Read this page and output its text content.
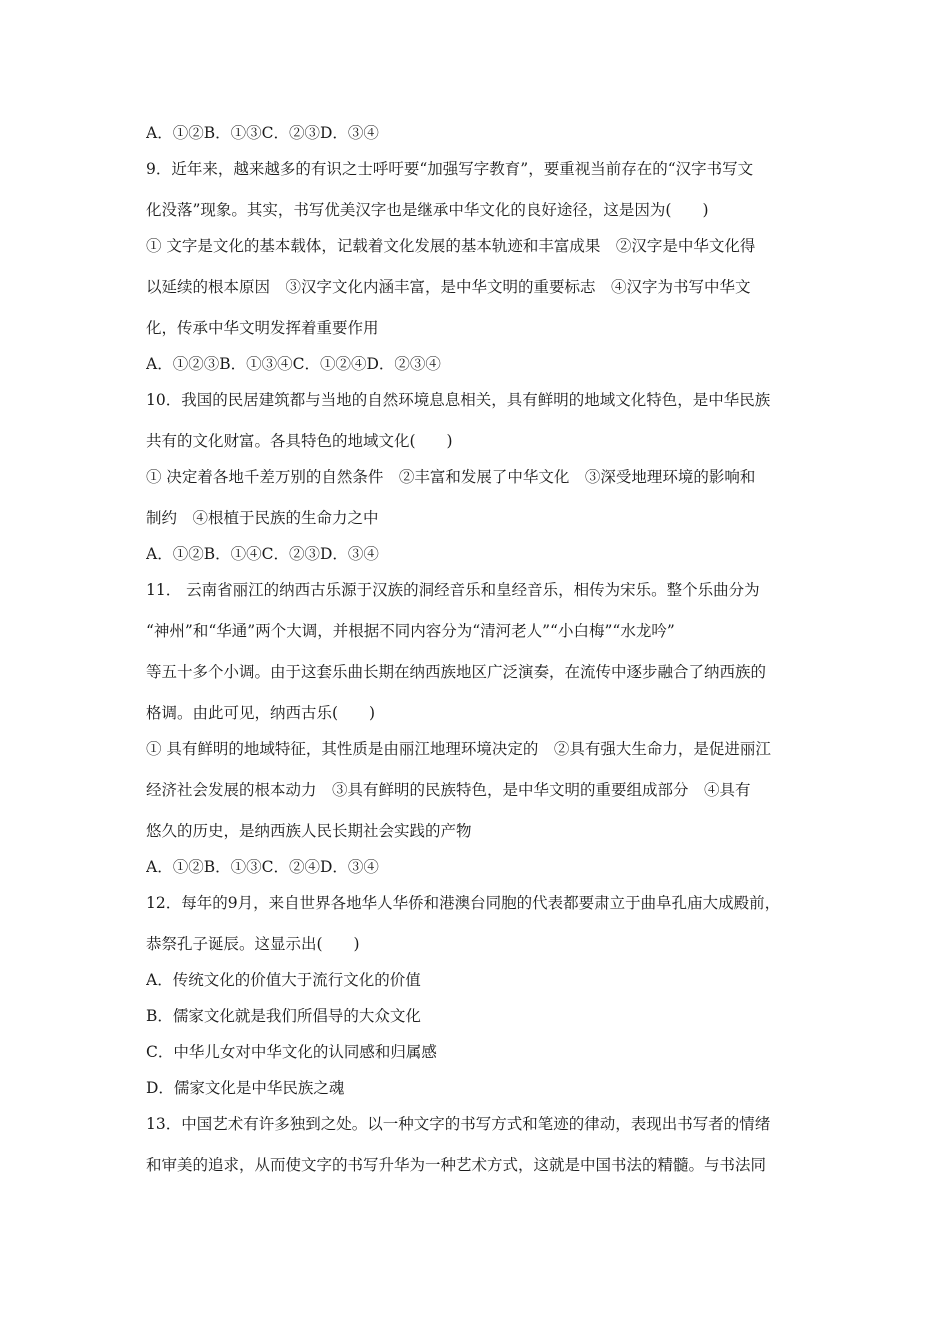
A．①②B．①③C．②③D．③④
9．近年来，越来越多的有识之士呼吁要“加强写字教育”，要重视当前存在的“汉字书写文
化没落”现象。其实，书写优美汉字也是继承中华文化的良好途径，这是因为(　　)
① 文字是文化的基本载体，记载着文化发展的基本轨迹和丰富成果　②汉字是中华文化得
以延续的根本原因　③汉字文化内涵丰富，是中华文明的重要标志　④汉字为书写中华文
化，传承中华文明发挥着重要作用
A．①②③B．①③④C．①②④D．②③④
10．我国的民居建筑都与当地的自然环境息息相关，具有鲜明的地域文化特色，是中华民族
共有的文化财富。各具特色的地域文化(　　)
① 决定着各地千差万别的自然条件　②丰富和发展了中华文化　③深受地理环境的影响和
制约　④根植于民族的生命力之中
A．①②B．①④C．②③D．③④
11． 云南省丽江的纳西古乐源于汉族的洞经音乐和皇经音乐，相传为宋乐。整个乐曲分为
“神州”和“华通”两个大调，并根据不同内容分为“清河老人”“小白梅”“水龙吟”
等五十多个小调。由于这套乐曲长期在纳西族地区广泛演奏，在流传中逐步融合了纳西族的
格调。由此可见，纳西古乐(　　)
① 具有鲜明的地域特征，其性质是由丽江地理环境决定的　②具有强大生命力，是促进丽江
经济社会发展的根本动力　③具有鲜明的民族特色，是中华文明的重要组成部分　④具有
悠久的历史，是纳西族人民长期社会实践的产物
A．①②B．①③C．②④D．③④
12．每年的9月，来自世界各地华人华侨和港澳台同胞的代表都要肃立于曲阜孔庙大成殿前，
恭祭孔子诞辰。这显示出(　　)
A．传统文化的价值大于流行文化的价值
B．儒家文化就是我们所倡导的大众文化
C．中华儿女对中华文化的认同感和归属感
D．儒家文化是中华民族之魂
13．中国艺术有许多独到之处。以一种文字的书写方式和笔迹的律动，表现出书写者的情绪
和审美的追求，从而使文字的书写升华为一种艺术方式，这就是中国书法的精髓。与书法同
